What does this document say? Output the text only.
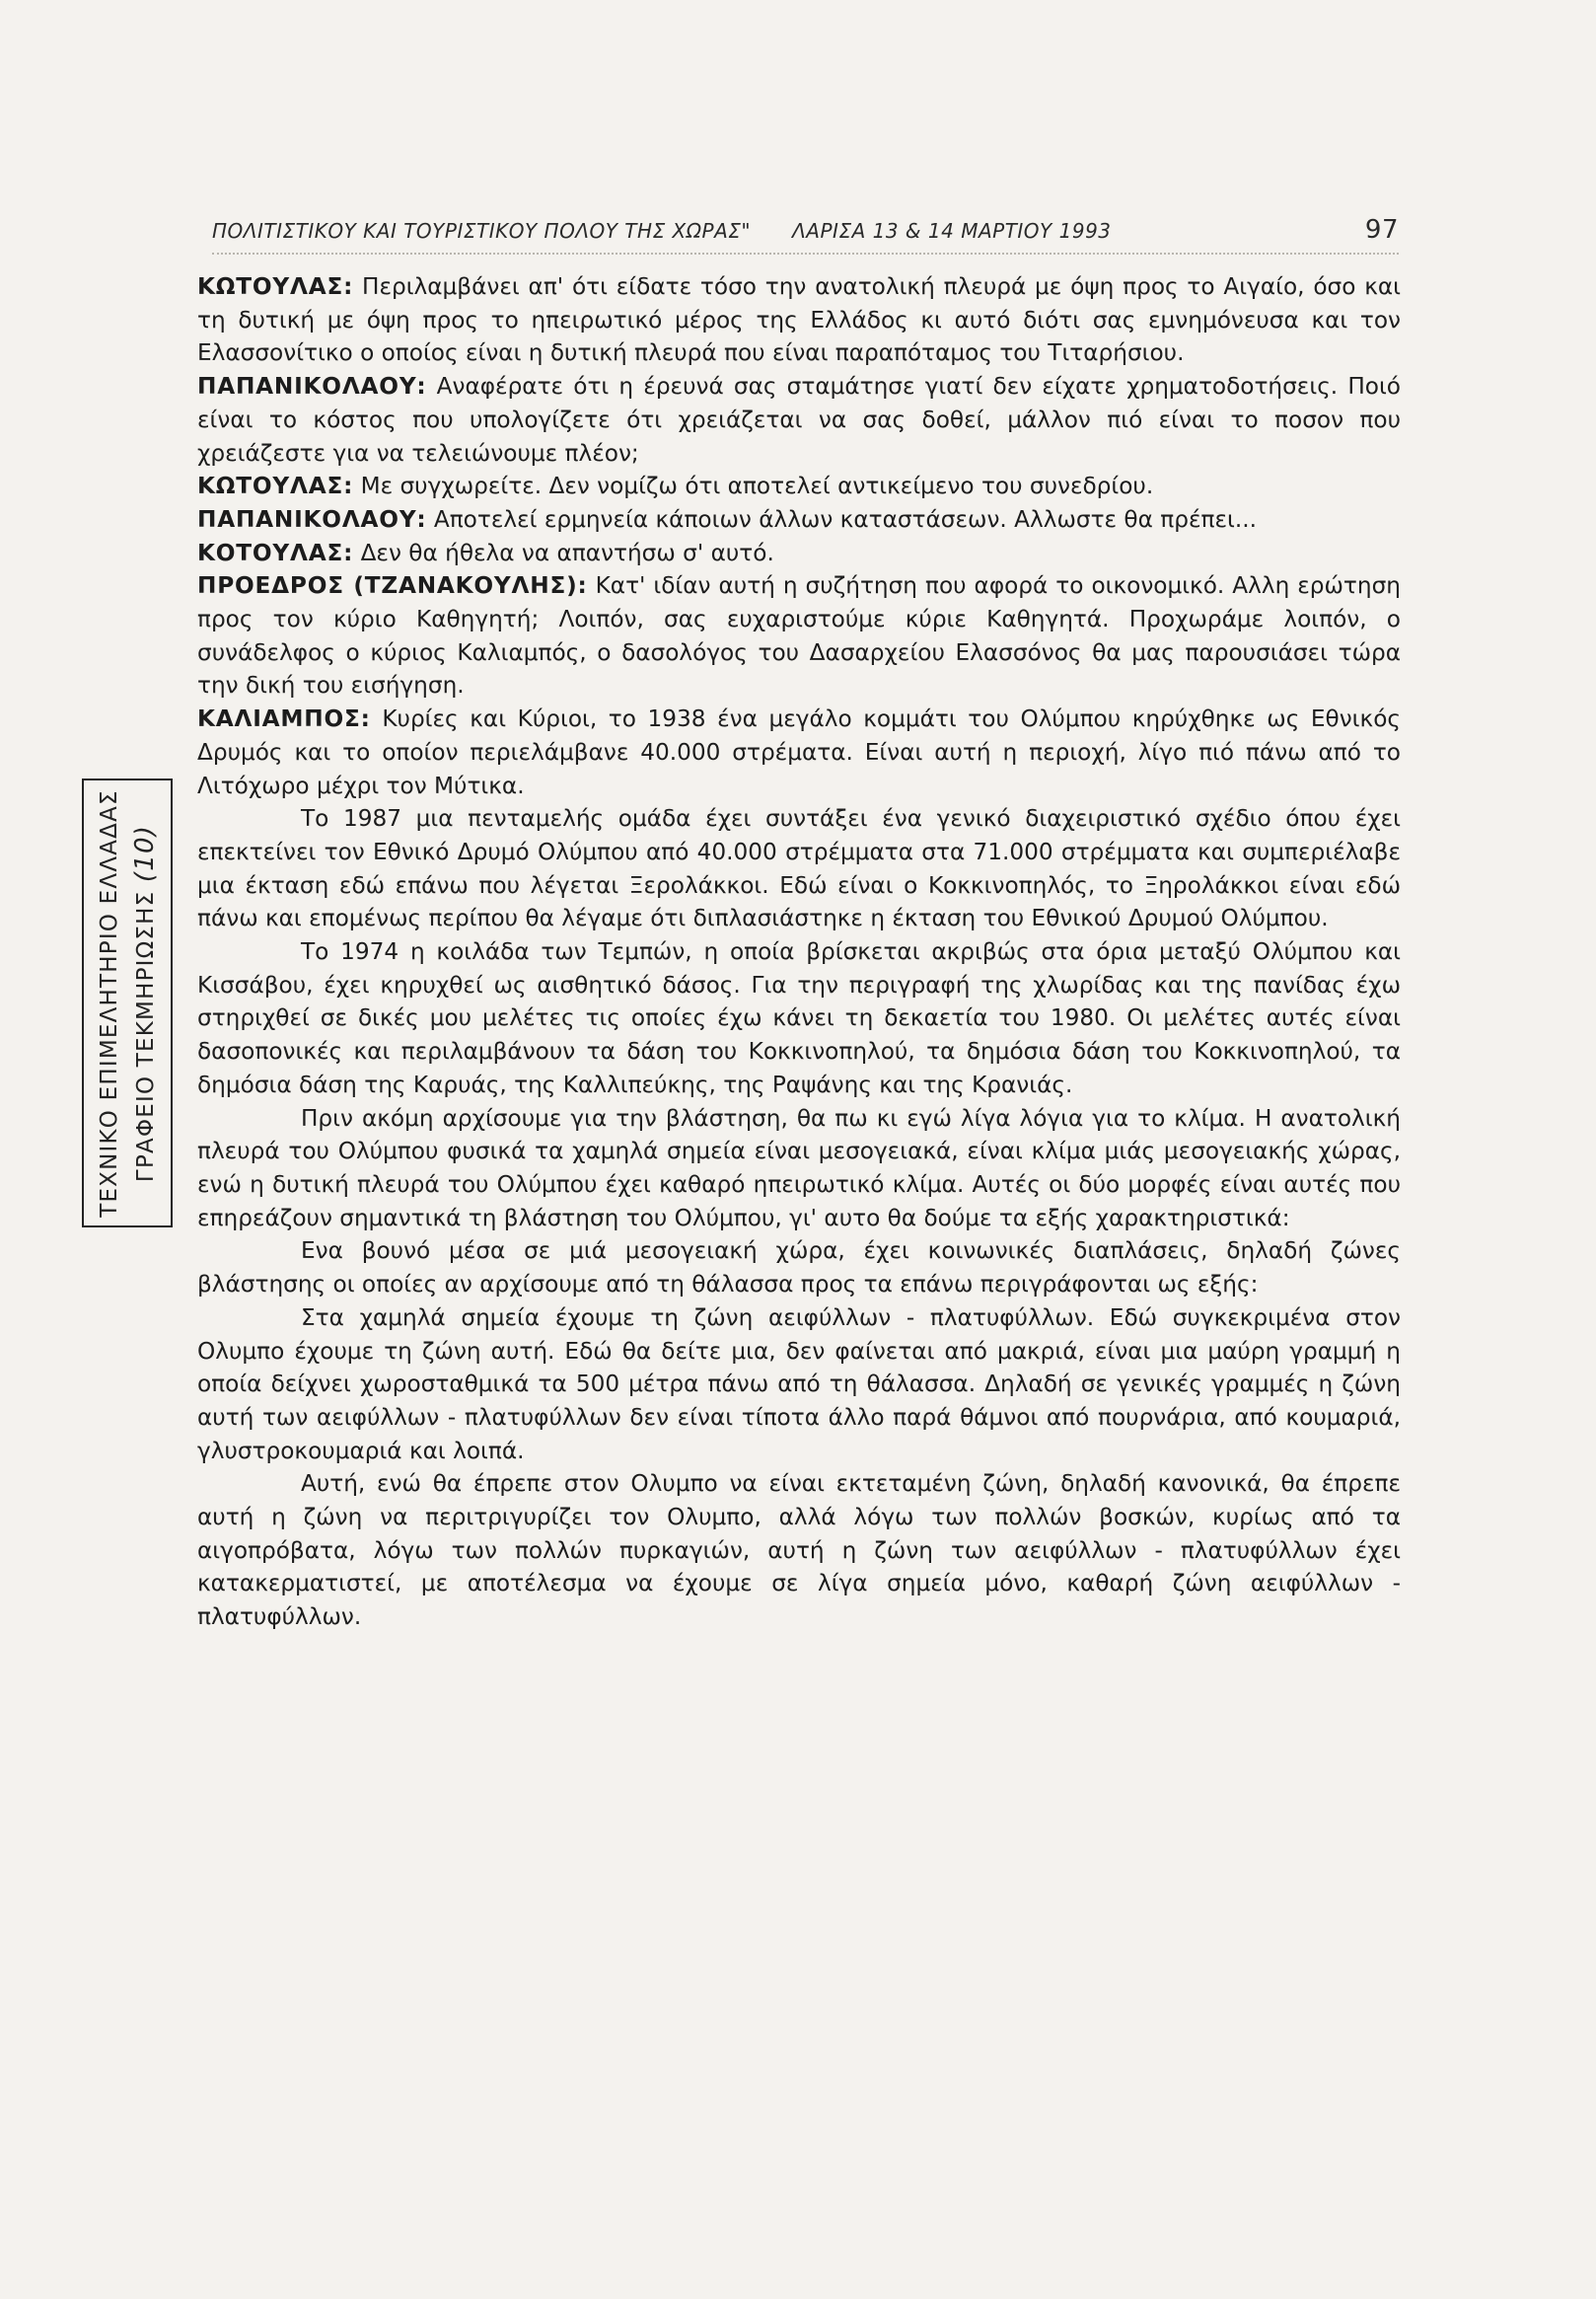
ΠΟΛΙΤΙΣΤΙΚΟΥ ΚΑΙ ΤΟΥΡΙΣΤΙΚΟΥ ΠΟΛΟΥ ΤΗΣ ΧΩΡΑΣ" ΛΑΡΙΣΑ 13 & 14 ΜΑΡΤΙΟΥ 1993	97
ΤΕΧΝΙΚΟ ΕΠΙΜΕΛΗΤΗΡΙΟ ΕΛΛΑΔΑΣ ΓΡΑΦΕΙΟ ΤΕΚΜΗΡΙΩΣΗΣ (10)

ΚΩΤΟΥΛΑΣ: Περιλαμβάνει απ' ότι είδατε τόσο την ανατολική πλευρά με όψη προς το Αιγαίο, όσο και τη δυτική με όψη προς το ηπειρωτικό μέρος της Ελλάδος κι αυτό διότι σας εμνημόνευσα και τον Ελασσονίτικο ο οποίος είναι η δυτική πλευρά που είναι παραπόταμος του Τιταρήσιου.

ΠΑΠΑΝΙΚΟΛΑΟΥ: Αναφέρατε ότι η έρευνά σας σταμάτησε γιατί δεν είχατε χρηματοδοτήσεις. Ποιό είναι το κόστος που υπολογίζετε ότι χρειάζεται να σας δοθεί, μάλλον πιό είναι το ποσον που χρειάζεστε για να τελειώνουμε πλέον;

ΚΩΤΟΥΛΑΣ: Με συγχωρείτε. Δεν νομίζω ότι αποτελεί αντικείμενο του συνεδρίου.

ΠΑΠΑΝΙΚΟΛΑΟΥ: Αποτελεί ερμηνεία κάποιων άλλων καταστάσεων. Αλλωστε θα πρέπει...

ΚΟΤΟΥΛΑΣ: Δεν θα ήθελα να απαντήσω σ' αυτό.

ΠΡΟΕΔΡΟΣ (ΤΖΑΝΑΚΟΥΛΗΣ): Κατ' ιδίαν αυτή η συζήτηση που αφορά το οικονομικό. Αλλη ερώτηση προς τον κύριο Καθηγητή; Λοιπόν, σας ευχαριστούμε κύριε Καθηγητά. Προχωράμε λοιπόν, ο συνάδελφος ο κύριος Καλιαμπός, ο δασολόγος του Δασαρχείου Ελασσόνος θα μας παρουσιάσει τώρα την δική του εισήγηση.

ΚΑΛΙΑΜΠΟΣ: Κυρίες και Κύριοι, το 1938 ένα μεγάλο κομμάτι του Ολύμπου κηρύχθηκε ως Εθνικός Δρυμός και το οποίον περιελάμβανε 40.000 στρέματα. Είναι αυτή η περιοχή, λίγο πιό πάνω από το Λιτόχωρο μέχρι τον Μύτικα.

Το 1987 μια πενταμελής ομάδα έχει συντάξει ένα γενικό διαχειριστικό σχέδιο όπου έχει επεκτείνει τον Εθνικό Δρυμό Ολύμπου από 40.000 στρέμματα στα 71.000 στρέμματα και συμπεριέλαβε μια έκταση εδώ επάνω που λέγεται Ξερολάκκοι. Εδώ είναι ο Κοκκινοπηλός, το Ξηρολάκκοι είναι εδώ πάνω και επομένως περίπου θα λέγαμε ότι διπλασιάστηκε η έκταση του Εθνικού Δρυμού Ολύμπου.

Το 1974 η κοιλάδα των Τεμπών, η οποία βρίσκεται ακριβώς στα όρια μεταξύ Ολύμπου και Κισσάβου, έχει κηρυχθεί ως αισθητικό δάσος. Για την περιγραφή της χλωρίδας και της πανίδας έχω στηριχθεί σε δικές μου μελέτες τις οποίες έχω κάνει τη δεκαετία του 1980. Οι μελέτες αυτές είναι δασοπονικές και περιλαμβάνουν τα δάση του Κοκκινοπηλού, τα δημόσια δάση του Κοκκινοπηλού, τα δημόσια δάση της Καρυάς, της Καλλιπεύκης, της Ραψάνης και της Κρανιάς.

Πριν ακόμη αρχίσουμε για την βλάστηση, θα πω κι εγώ λίγα λόγια για το κλίμα. Η ανατολική πλευρά του Ολύμπου φυσικά τα χαμηλά σημεία είναι μεσογειακά, είναι κλίμα μιάς μεσογειακής χώρας, ενώ η δυτική πλευρά του Ολύμπου έχει καθαρό ηπειρωτικό κλίμα. Αυτές οι δύο μορφές είναι αυτές που επηρεάζουν σημαντικά τη βλάστηση του Ολύμπου, γι' αυτο θα δούμε τα εξής χαρακτηριστικά:

Ενα βουνό μέσα σε μιά μεσογειακή χώρα, έχει κοινωνικές διαπλάσεις, δηλαδή ζώνες βλάστησης οι οποίες αν αρχίσουμε από τη θάλασσα προς τα επάνω περιγράφονται ως εξής:

Στα χαμηλά σημεία έχουμε τη ζώνη αειφύλλων - πλατυφύλλων. Εδώ συγκεκριμένα στον Ολυμπο έχουμε τη ζώνη αυτή. Εδώ θα δείτε μια, δεν φαίνεται από μακριά, είναι μια μαύρη γραμμή η οποία δείχνει χωροσταθμικά τα 500 μέτρα πάνω από τη θάλασσα. Δηλαδή σε γενικές γραμμές η ζώνη αυτή των αειφύλλων - πλατυφύλλων δεν είναι τίποτα άλλο παρά θάμνοι από πουρνάρια, από κουμαριά, γλυστροκουμαριά και λοιπά.

Αυτή, ενώ θα έπρεπε στον Ολυμπο να είναι εκτεταμένη ζώνη, δηλαδή κανονικά, θα έπρεπε αυτή η ζώνη να περιτριγυρίζει τον Ολυμπο, αλλά λόγω των πολλών βοσκών, κυρίως από τα αιγοπρόβατα, λόγω των πολλών πυρκαγιών, αυτή η ζώνη των αειφύλλων - πλατυφύλλων έχει κατακερματιστεί, με αποτέλεσμα να έχουμε σε λίγα σημεία μόνο, καθαρή ζώνη αειφύλλων - πλατυφύλλων.
